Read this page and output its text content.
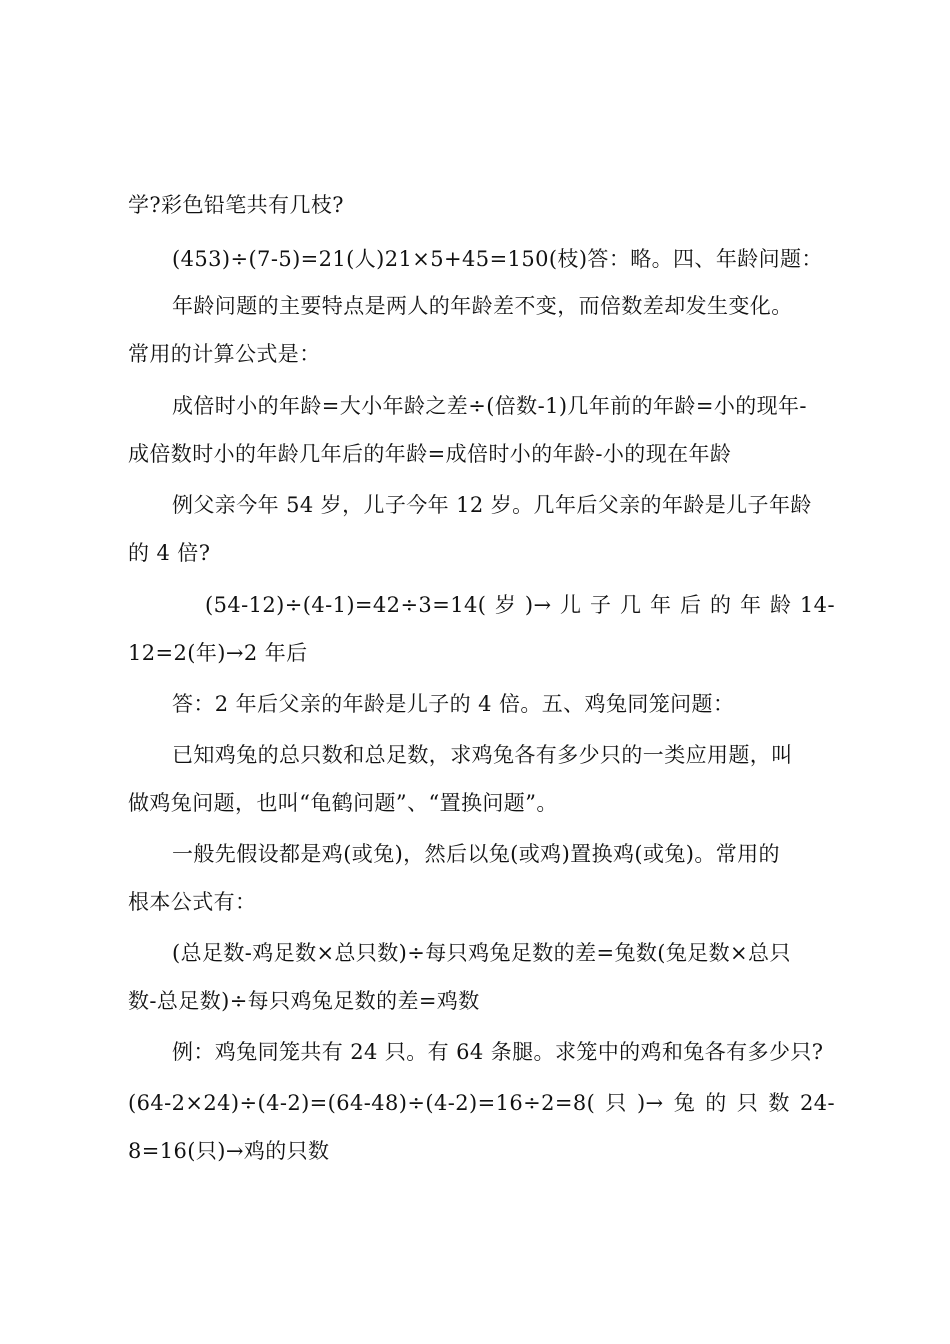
学?彩色铅笔共有几枝?
(453)÷(7-5)=21(人)21×5+45=150(枝)答：略。四、年龄问题：
年龄问题的主要特点是两人的年龄差不变，而倍数差却发生变化。
常用的计算公式是：
成倍时小的年龄=大小年龄之差÷(倍数-1)几年前的年龄=小的现年-
成倍数时小的年龄几年后的年龄=成倍时小的年龄-小的现在年龄
例父亲今年 54 岁，儿子今年 12 岁。几年后父亲的年龄是儿子年龄
的 4 倍?
(54-12)÷(4-1)=42÷3=14( 岁 )→ 儿 子 几 年 后 的 年 龄 14-
12=2(年)→2 年后
答：2 年后父亲的年龄是儿子的 4 倍。五、鸡兔同笼问题：
已知鸡兔的总只数和总足数，求鸡兔各有多少只的一类应用题，叫
做鸡兔问题，也叫“龟鹤问题”、“置换问题”。
一般先假设都是鸡(或兔)，然后以兔(或鸡)置换鸡(或兔)。常用的
根本公式有：
(总足数-鸡足数×总只数)÷每只鸡兔足数的差=兔数(兔足数×总只
数-总足数)÷每只鸡兔足数的差=鸡数
例：鸡兔同笼共有 24 只。有 64 条腿。求笼中的鸡和兔各有多少只?
(64-2×24)÷(4-2)=(64-48)÷(4-2)=16÷2=8( 只 )→ 兔 的 只 数 24-
8=16(只)→鸡的只数
